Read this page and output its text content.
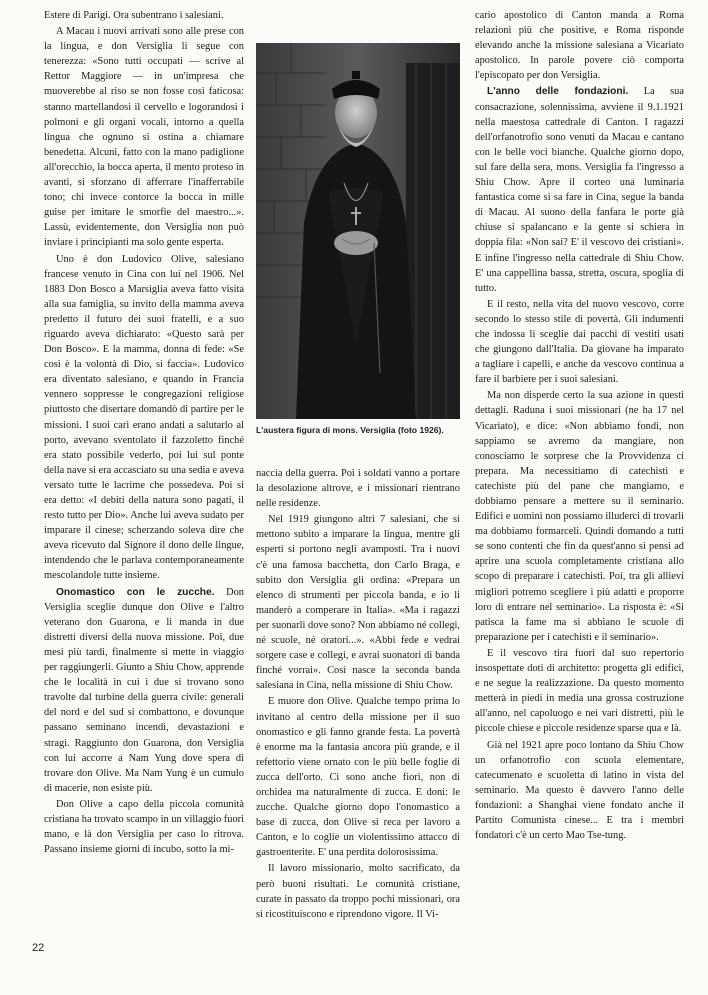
Estere di Parigi. Ora subentrano i salesiani.

A Macau i nuovi arrivati sono alle prese con la lingua, e don Versiglia li segue con tenerezza: «Sono tutti occupati — scrive al Rettor Maggiore — in un'impresa che muoverebbe al riso se non fosse così faticosa: stanno martellandosi il cervello e logorandosi i polmoni e gli organi vocali, intorno a quella lingua che ognuno si ostina a chiamare benedetta. Alcuni, fatto con la mano padiglione all'orecchio, la bocca aperta, il mento proteso in avanti, si sforzano di afferrare l'inafferrabile tono; chi invece contorce la bocca in mille guise per imitare le smorfie del maestro...». Lassù, evidentemente, don Versiglia non può inviare i principianti ma solo gente esperta.

Uno è don Ludovico Olive, salesiano francese venuto in Cina con lui nel 1906. Nel 1883 Don Bosco a Marsiglia aveva fatto visita alla sua famiglia, su invito della mamma aveva predetto il futuro dei suoi fratelli, e a suo riguardo aveva dichiarato: «Questo sarà per Don Bosco». E la mamma, donna di fede: «Se così è la volontà di Dio, si faccia». Ludovico era diventato salesiano, e quando in Francia vennero soppresse le congregazioni religiose piuttosto che disertare domandò di partire per le missioni. I suoi cari erano andati a salutarlo al porto, avevano sventolato il fazzoletto finché era stato possibile vederlo, poi lui sul ponte della nave si era accasciato su una sedia e aveva versato tutte le lacrime che possedeva. Poi si era detto: «I debiti della natura sono pagati, il resto tutto per Dio». Anche lui aveva sudato per imparare il cinese; scherzando soleva dire che aveva ricevuto dal Signore il dono delle lingue, intendendo che le parlava contemporaneamente mescolandole tutte insieme.

Onomastico con le zucche. Don Versiglia sceglie dunque don Olive e l'altro veterano don Guarona, e li manda in due distretti diversi della nuova missione. Poi, due mesi più tardi, finalmente si mette in viaggio per raggiungerli. Giunto a Shiu Chow, apprende che le località in cui i due si trovano sono travolte dal turbine della guerra civile: generali del nord e del sud si combattono, e dovunque passano seminano incendi, devastazioni e stragi. Raggiunto don Guarona, don Versiglia con lui accorre a Nam Yung dove spera di trovare don Olive. Ma Nam Yung è un cumulo di macerie, non esiste più.

Don Olive a capo della piccola comunità cristiana ha trovato scampo in un villaggio fuori mano, e là don Versiglia per caso lo ritrova. Passano insieme giorni di incubo, sotto la mi-

L'austera figura di mons. Versiglia (foto 1926).

naccia della guerra. Poi i soldati vanno a portare la desolazione altrove, e i missionari rientrano nelle residenze.

Nel 1919 giungono altri 7 salesiani, che si mettono subito a imparare la lingua, mentre gli esperti si portono negli avamposti. Tra i nuovi c'è una famosa bacchetta, don Carlo Braga, e subito don Versiglia gli ordina: «Prepara un elenco di strumenti per piccola banda, e io li manderò a comperare in Italia». «Ma i ragazzi per suonarli dove sono? Non abbiamo né collegi, né scuole, né oratori...». «Abbi fede e vedrai sorgere case e collegi, e avrai suonatori di banda finché vorrai». Così nasce la seconda banda salesiana in Cina, nella missione di Shiu Chow.

E muore don Olive. Qualche tempo prima lo invitano al centro della missione per il suo onomastico e gli fanno grande festa. La povertà è enorme ma la fantasia ancora più grande, e il refettorio viene ornato con le più belle foglie di zucca dell'orto. Ci sono anche fiori, non di orchidea ma naturalmente di zucca. E doni: le zucche. Qualche giorno dopo l'onomastico a base di zucca, don Olive si reca per lavoro a Canton, e lo coglie un violentissimo attacco di gastroenterite. E' una perdita dolorosissima.

Il lavoro missionario, molto sacrificato, da però buoni risultati. Le comunità cristiane, curate in passato da troppo pochi missionari, ora si ricostituiscono e riprendono vigore. Il Vi-

cario apostolico di Canton manda a Roma relazioni più che positive, e Roma risponde elevando anche la missione salesiana a Vicariato apostolico. In parole povere ciò comporta l'episcopato per don Versiglia.

L'anno delle fondazioni. La sua consacrazione, solennissima, avviene il 9.1.1921 nella maestosa cattedrale di Canton. I ragazzi dell'orfanotrofio sono venuti da Macau e cantano con le belle voci bianche. Qualche giorno dopo, sul fare della sera, mons. Versiglia fa l'ingresso a Shiu Chow. Apre il corteo una luminaria fantastica come si sa fare in Cina, segue la banda di Macau. Al suono della fanfara le porte già chiuse si spalancano e la gente si schiera in doppia fila: «Non sai? E' il vescovo dei cristiani». E infine l'ingresso nella cattedrale di Shiu Chow. E' una cappellina bassa, stretta, oscura, spoglia di tutto.

E il resto, nella vita del nuovo vescovo, corre secondo lo stesso stile di povertà. Gli indumenti che indossa li sceglie dai pacchi di vestiti usati che giungono dall'Italia. Da giovane ha imparato a tagliare i capelli, e anche da vescovo continua a fare il barbiere per i suoi salesiani.

Ma non disperde certo la sua azione in questi dettagli. Raduna i suoi missionari (ne ha 17 nel Vicariato), e dice: «Non abbiamo fondi, non sappiamo se avremo da mangiare, non conosciamo le sorprese che la Provvidenza ci prepara. Ma necessitiamo di catechisti e catechiste più del pane che mangiamo, e dobbiamo pensare a mettere su il seminario. Edifici e uomini non possiamo illuderci di trovarli ma dobbiamo formarceli. Quindi domando a tutti se sono contenti che fin da quest'anno si pensi ad aprire una scuola completamente cristiana allo scopo di preparare i catechisti. Poi, tra gli allievi migliori potremo scegliere i più adatti e proporre loro di entrare nel seminario». La risposta è: «Si patisca la fame ma si abbiano le scuole di preparazione per i catechisti e il seminario».

E il vescovo tira fuori dal suo repertorio insospettate doti di architetto: progetta gli edifici, e ne segue la realizzazione. Da questo momento metterà in piedi in media una grossa costruzione all'anno, nel capoluogo e nei vari distretti, più le piccole chiese e piccole residenze sparse qua e là.

Già nel 1921 apre poco lontano da Shiu Chow un orfanotrofio con scuola elementare, catecumenato e scuoletta di latino in vista del seminario. Ma questo è davvero l'anno delle fondazioni: a Shanghai viene fondato anche il Partito Comunista cinese... E tra i membri fondatori c'è un certo Mao Tse-tung.

22
